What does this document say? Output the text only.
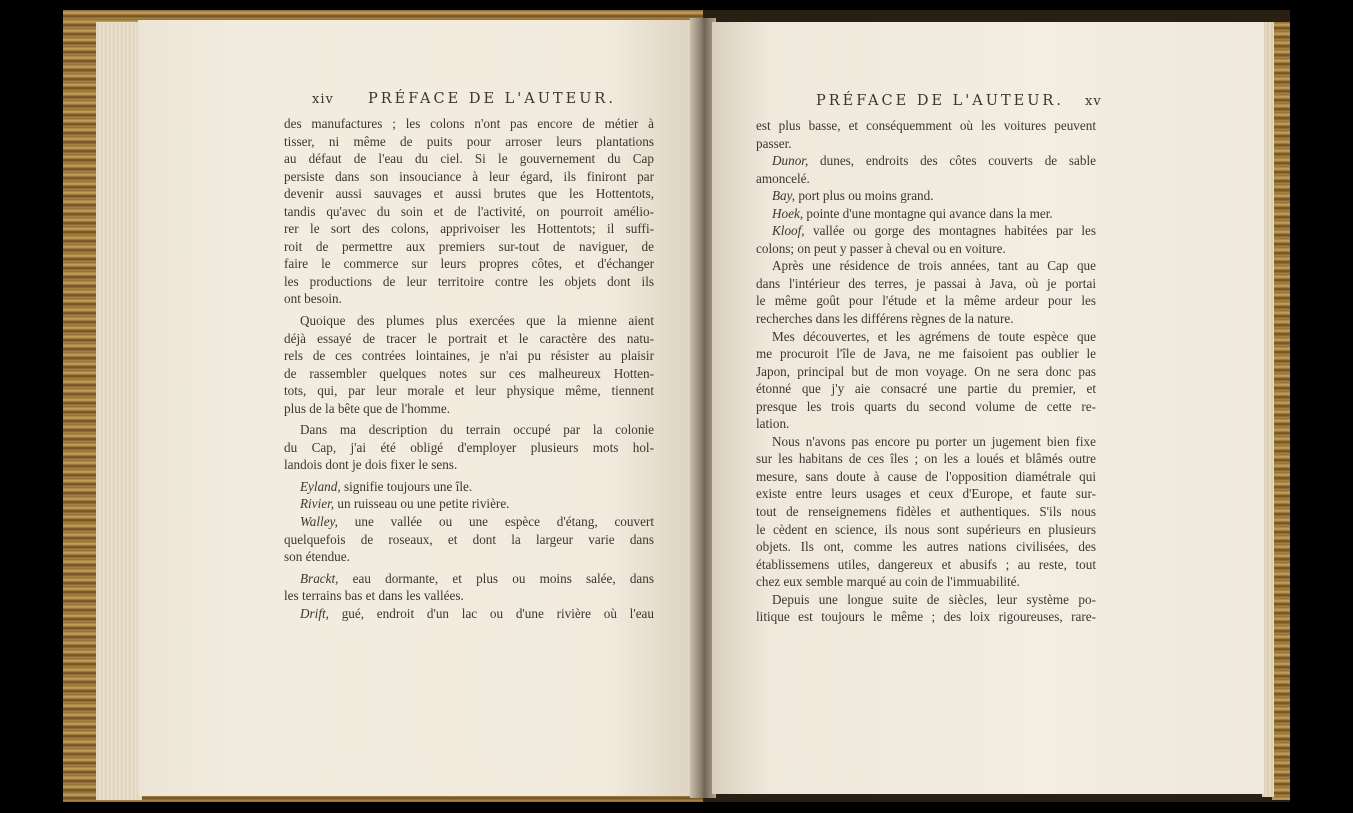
xiv PRÉFACE DE L'AUTEUR.
des manufactures ; les colons n'ont pas encore de métier à
tisser, ni même de puits pour arroser leurs plantations
au défaut de l'eau du ciel. Si le gouvernement du Cap
persiste dans son insouciance à leur égard, ils finiront par
devenir aussi sauvages et aussi brutes que les Hottentots,
tandis qu'avec du soin et de l'activité, on pourroit amélio-
rer le sort des colons, apprivoiser les Hottentots; il suffi-
roit de permettre aux premiers sur-tout de naviguer, de
faire le commerce sur leurs propres côtes, et d'échanger
les productions de leur territoire contre les objets dont ils
ont besoin.
Quoique des plumes plus exercées que la mienne aient
déjà essayé de tracer le portrait et le caractère des natu-
rels de ces contrées lointaines, je n'ai pu résister au plaisir
de rassembler quelques notes sur ces malheureux Hotten-
tots, qui, par leur morale et leur physique même, tiennent
plus de la bête que de l'homme.
Dans ma description du terrain occupé par la colonie
du Cap, j'ai été obligé d'employer plusieurs mots hol-
landois dont je dois fixer le sens.
Eyland, signifie toujours une île.
Rivier, un ruisseau ou une petite rivière.
Walley, une vallée ou une espèce d'étang, couvert
quelquefois de roseaux, et dont la largeur varie dans
son étendue.
Brackt, eau dormante, et plus ou moins salée, dans
les terrains bas et dans les vallées.
Drift, gué, endroit d'un lac ou d'une rivière où l'eau
PRÉFACE DE L'AUTEUR. xv
est plus basse, et conséquemment où les voitures peuvent
passer.
Dunor, dunes, endroits des côtes couverts de sable
amoncelé.
Bay, port plus ou moins grand.
Hoek, pointe d'une montagne qui avance dans la mer.
Kloof, vallée ou gorge des montagnes habitées par les
colons; on peut y passer à cheval ou en voiture.
Après une résidence de trois années, tant au Cap que
dans l'intérieur des terres, je passai à Java, où je portai
le même goût pour l'étude et la même ardeur pour les
recherches dans les différens règnes de la nature.
Mes découvertes, et les agrémens de toute espèce que
me procuroit l'île de Java, ne me faisoient pas oublier le
Japon, principal but de mon voyage. On ne sera donc pas
étonné que j'y aie consacré une partie du premier, et
presque les trois quarts du second volume de cette re-
lation.
Nous n'avons pas encore pu porter un jugement bien fixe
sur les habitans de ces îles ; on les a loués et blâmés outre
mesure, sans doute à cause de l'opposition diamétrale qui
existe entre leurs usages et ceux d'Europe, et faute sur-
tout de renseignemens fidèles et authentiques. S'ils nous
le cèdent en science, ils nous sont supérieurs en plusieurs
objets. Ils ont, comme les autres nations civilisées, des
établissemens utiles, dangereux et abusifs ; au reste, tout
chez eux semble marqué au coin de l'immuabilité.
Depuis une longue suite de siècles, leur système po-
litique est toujours le même ; des loix rigoureuses, rare-
